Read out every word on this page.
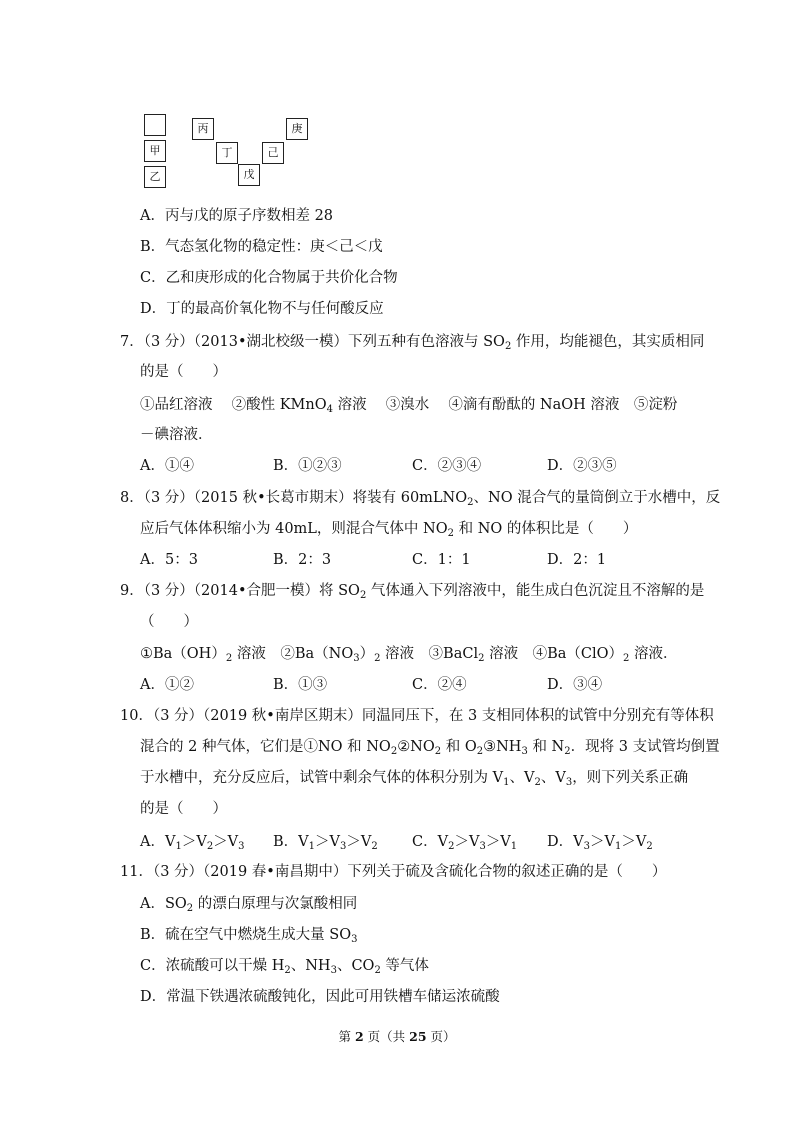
甲
乙
丙
丁
戊
己
庚
A．丙与戊的原子序数相差 28
B．气态氢化物的稳定性：庚＜己＜戊
C．乙和庚形成的化合物属于共价化合物
D．丁的最高价氧化物不与任何酸反应
7．（3 分）（2013•湖北校级一模）下列五种有色溶液与 $SO_2$ 作用，均能褪色，其实质相同
的是（　　）
①品红溶液　 ②酸性 KMnO$_4$ 溶液　 ③溴水　 ④滴有酚酞的 NaOH 溶液　⑤淀粉
－碘溶液．
A．①④	B．①②③	C．②③④	D．②③⑤
8．（3 分）（2015 秋•长葛市期末）将装有 60mLNO$_2$、NO 混合气的量筒倒立于水槽中，反
应后气体体积缩小为 40mL，则混合气体中 $NO_2$ 和 NO 的体积比是（　　）
A．5：3	B．2：3	C．1：1	D．2：1
9．（3 分）（2014•合肥一模）将 $SO_2$ 气体通入下列溶液中，能生成白色沉淀且不溶解的是
（　　）
$①Ba(OH)_2$ 溶液　$②Ba(NO_3)_2$ 溶液　③BaCl$_2$ 溶液　$④Ba(ClO)_2$ 溶液．
A．①②	B．①③	C．②④	D．③④
10．（3 分）（2019 秋•南岸区期末）同温同压下，在 3 支相同体积的试管中分别充有等体积
混合的 2 种气体，它们是①NO 和 $NO_2②NO_2$ 和 $O_2③NH_3$ 和 $N_2$．现将 3 支试管均倒置
于水槽中，充分反应后，试管中剩余气体的体积分别为 $V_1$、$V_2$、$V_3$，则下列关系正确
的是（　　）
A．$V_1>V_2>V_3$ B．$V_1>V_3>V_2$ C．$V_2>V_3>V_1$ D．$V_3>V_1>V_2$
11．（3 分）（2019 春•南昌期中）下列关于硫及含硫化合物的叙述正确的是（　　）
A．$SO_2$ 的漂白原理与次氯酸相同
B．硫在空气中燃烧生成大量 $SO_3$
C．浓硫酸可以干燥 $H_2$、$NH_3$、$CO_2$ 等气体
D．常温下铁遇浓硫酸钝化，因此可用铁槽车储运浓硫酸
第 2 页（共 25 页）
